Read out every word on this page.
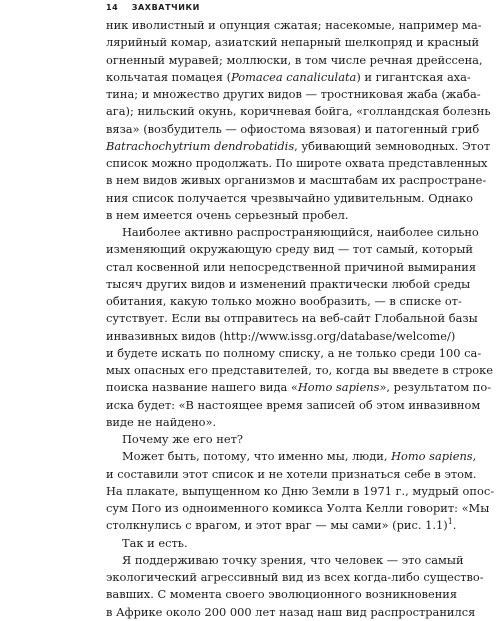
14 ЗАХВАТЧИКИ
ник иволистный и опунция сжатая; насекомые, например ма-
лярийный комар, азиатский непарный шелкопряд и красный
огненный муравей; моллюски, в том числе речная дрейссена,
кольчатая помацея (Pomacea canaliculata) и гигантская аха-
тина; и множество других видов — тростниковая жаба (жаба-
ага); нильский окунь, коричневая бойга, «голландская болезнь
вяза» (возбудитель — офиостома вязовая) и патогенный гриб
Batrachochytrium dendrobatidis, убивающий земноводных. Этот
список можно продолжать. По широте охвата представленных
в нем видов живых организмов и масштабам их распростране-
ния список получается чрезвычайно удивительным. Однако
в нем имеется очень серьезный пробел.
Наиболее активно распространяющийся, наиболее сильно
изменяющий окружающую среду вид — тот самый, который
стал косвенной или непосредственной причиной вымирания
тысяч других видов и изменений практически любой среды
обитания, какую только можно вообразить, — в списке от-
сутствует. Если вы отправитесь на веб-сайт Глобальной базы
инвазивных видов (http://www.issg.org/database/welcome/)
и будете искать по полному списку, а не только среди 100 са-
мых опасных его представителей, то, когда вы введете в строке
поиска название нашего вида «Homo sapiens», результатом по-
иска будет: «В настоящее время записей об этом инвазивном
виде не найдено».
Почему же его нет?
Может быть, потому, что именно мы, люди, Homo sapiens,
и составили этот список и не хотели признаться себе в этом.
На плакате, выпущенном ко Дню Земли в 1971 г., мудрый опос-
сум Пого из одноименного комикса Уолта Келли говорит: «Мы
столкнулись с врагом, и этот враг — мы сами» (рис. 1.1)$^1$.
Так и есть.
Я поддерживаю точку зрения, что человек — это самый
экологический агрессивный вид из всех когда-либо существо-
вавших. С момента своего эволюционного возникновения
в Африке около 200 000 лет назад наш вид распространился
